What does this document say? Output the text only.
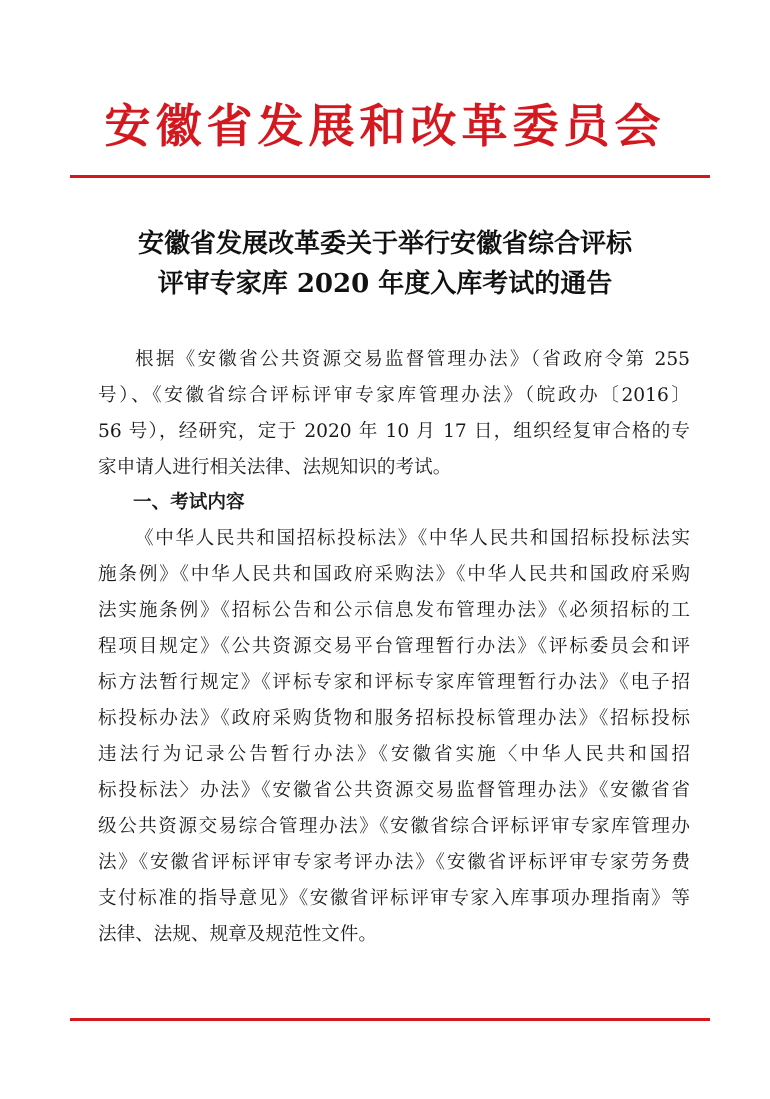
安徽省发展和改革委员会
安徽省发展改革委关于举行安徽省综合评标
评审专家库 2020 年度入库考试的通告
根据《安徽省公共资源交易监督管理办法》（省政府令第 255
号）、《安徽省综合评标评审专家库管理办法》（皖政办〔2016〕
56 号），经研究，定于 2020 年 10 月 17 日，组织经复审合格的专
家申请人进行相关法律、法规知识的考试。
一、考试内容
《中华人民共和国招标投标法》《中华人民共和国招标投标法实
施条例》《中华人民共和国政府采购法》《中华人民共和国政府采购
法实施条例》《招标公告和公示信息发布管理办法》《必须招标的工
程项目规定》《公共资源交易平台管理暂行办法》《评标委员会和评
标方法暂行规定》《评标专家和评标专家库管理暂行办法》《电子招
标投标办法》《政府采购货物和服务招标投标管理办法》《招标投标
违法行为记录公告暂行办法》《安徽省实施〈中华人民共和国招
标投标法〉办法》《安徽省公共资源交易监督管理办法》《安徽省省
级公共资源交易综合管理办法》《安徽省综合评标评审专家库管理办
法》《安徽省评标评审专家考评办法》《安徽省评标评审专家劳务费
支付标准的指导意见》《安徽省评标评审专家入库事项办理指南》等
法律、法规、规章及规范性文件。
